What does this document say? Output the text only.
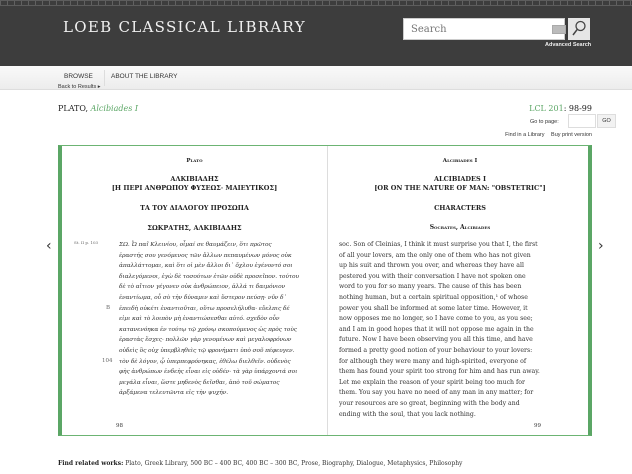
LOEB CLASSICAL LIBRARY
Search
Advanced Search
BROWSE	ABOUT THE LIBRARY
Back to Results ▸
PLATO, Alcibiades I	LCL 201: 98-99
Go to page:	GO
Find in a Library Buy print version
‹	›
Plato
ΑΛΚΙΒΙΑΔΗΣ
[Η ΠΕΡΙ ΑΝΘΡΩΠΟΥ ΦΥΣΕΩΣ· ΜΑΙΕΥΤΙΚΟΣ]
ΤΑ ΤΟΥ ΔΙΑΛΟΓΟΥ ΠΡΟΣΩΠΑ
ΣΩΚΡΑΤΗΣ, ΑΛΚΙΒΙΑΔΗΣ
St. II p. 103
B
104
ΣΩ. Ὦ παῖ Κλεινίου, οἶμαί σε θαυμάζειν, ὅτι πρῶτος
ἐραστής σου γενόμενος τῶν ἄλλων πεπαυμένων μόνος οὐκ
ἀπαλλάττομαι, καὶ ὅτι οἱ μὲν ἄλλοι δι᾽ ὄχλου ἐγένοντό σοι
διαλεγόμενοι, ἐγὼ δὲ τοσούτων ἐτῶν οὐδὲ προσεῖπον. τούτου
δὲ τὸ αἴτιον γέγονεν οὐκ ἀνθρώπειον, ἀλλά τι δαιμόνιον
ἐναντίωμα, οὗ σὺ τὴν δύναμιν καὶ ὕστερον πεύσῃ· νῦν δ᾽
ἐπειδὴ οὐκέτι ἐναντιοῦται, οὕτω προσελήλυθα· εὔελπις δέ
εἰμι καὶ τὸ λοιπὸν μὴ ἐναντιώσεσθαι αὐτό. σχεδὸν οὖν
κατανενόηκα ἐν τούτῳ τῷ χρόνῳ σκοπούμενος ὡς πρὸς τοὺς
ἐραστὰς ἔσχες· πολλῶν γὰρ γενομένων καὶ μεγαλοφρόνων
οὐδεὶς ὃς οὐχ ὑπερβληθεὶς τῷ φρονήματι ὑπὸ σοῦ πέφευγεν.
τὸν δὲ λόγον, ᾧ ὑπερπεφρόνηκας, ἐθέλω διελθεῖν. οὐδενὸς
φὴς ἀνθρώπων ἐνδεὴς εἶναι εἰς οὐδέν· τὰ γὰρ ὑπάρχοντά σοι
μεγάλα εἶναι, ὥστε μηδενὸς δεῖσθαι, ἀπὸ τοῦ σώματος
ἀρξάμενα τελευτῶντα εἰς τὴν ψυχήν.
98
Alcibiades I
ALCIBIADES I
[OR ON THE NATURE OF MAN: "OBSTETRIC"]
CHARACTERS
Socrates, Alcibiades
soc. Son of Cleinias, I think it must surprise you that I, the first
of all your lovers, am the only one of them who has not given
up his suit and thrown you over, and whereas they have all
pestered you with their conversation I have not spoken one
word to you for so many years. The cause of this has been
nothing human, but a certain spiritual opposition,¹ of whose
power you shall be informed at some later time. However, it
now opposes me no longer, so I have come to you, as you see;
and I am in good hopes that it will not oppose me again in the
future. Now I have been observing you all this time, and have
formed a pretty good notion of your behaviour to your lovers:
for although they were many and high-spirited, everyone of
them has found your spirit too strong for him and has run away.
Let me explain the reason of your spirit being too much for
them. You say you have no need of any man in any matter; for
your resources are so great, beginning with the body and
ending with the soul, that you lack nothing.
99
Find related works: Plato, Greek Library, 500 BC – 400 BC, 400 BC – 300 BC, Prose, Biography, Dialogue, Metaphysics, Philosophy
